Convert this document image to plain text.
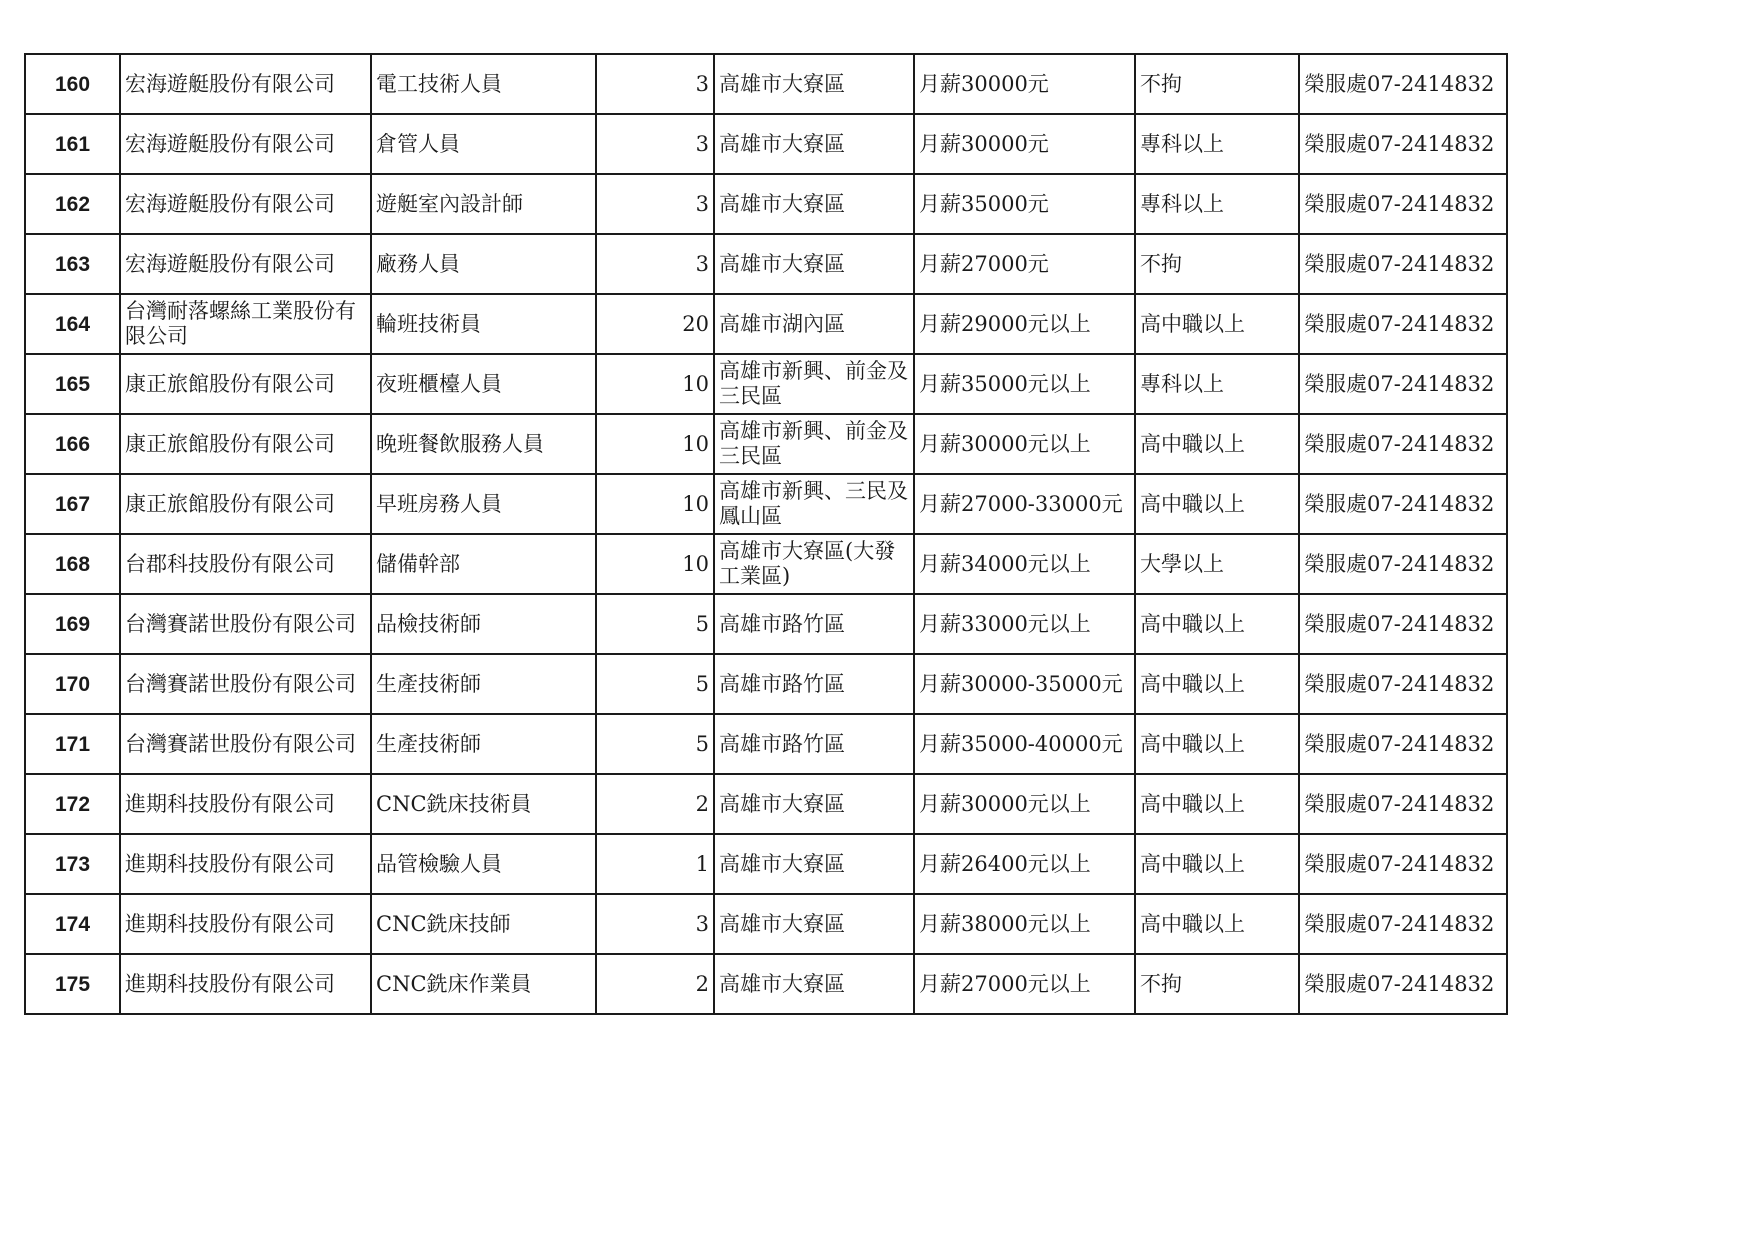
160	宏海遊艇股份有限公司	電工技術人員	3	高雄市大寮區	月薪30000元	不拘	榮服處07-2414832
161	宏海遊艇股份有限公司	倉管人員	3	高雄市大寮區	月薪30000元	專科以上	榮服處07-2414832
162	宏海遊艇股份有限公司	遊艇室內設計師	3	高雄市大寮區	月薪35000元	專科以上	榮服處07-2414832
163	宏海遊艇股份有限公司	廠務人員	3	高雄市大寮區	月薪27000元	不拘	榮服處07-2414832
164	台灣耐落螺絲工業股份有限公司	輪班技術員	20	高雄市湖內區	月薪29000元以上	高中職以上	榮服處07-2414832
165	康正旅館股份有限公司	夜班櫃檯人員	10	高雄市新興、前金及三民區	月薪35000元以上	專科以上	榮服處07-2414832
166	康正旅館股份有限公司	晚班餐飲服務人員	10	高雄市新興、前金及三民區	月薪30000元以上	高中職以上	榮服處07-2414832
167	康正旅館股份有限公司	早班房務人員	10	高雄市新興、三民及鳳山區	月薪27000-33000元	高中職以上	榮服處07-2414832
168	台郡科技股份有限公司	儲備幹部	10	高雄市大寮區(大發工業區)	月薪34000元以上	大學以上	榮服處07-2414832
169	台灣賽諾世股份有限公司	品檢技術師	5	高雄市路竹區	月薪33000元以上	高中職以上	榮服處07-2414832
170	台灣賽諾世股份有限公司	生產技術師	5	高雄市路竹區	月薪30000-35000元	高中職以上	榮服處07-2414832
171	台灣賽諾世股份有限公司	生產技術師	5	高雄市路竹區	月薪35000-40000元	高中職以上	榮服處07-2414832
172	進期科技股份有限公司	CNC銑床技術員	2	高雄市大寮區	月薪30000元以上	高中職以上	榮服處07-2414832
173	進期科技股份有限公司	品管檢驗人員	1	高雄市大寮區	月薪26400元以上	高中職以上	榮服處07-2414832
174	進期科技股份有限公司	CNC銑床技師	3	高雄市大寮區	月薪38000元以上	高中職以上	榮服處07-2414832
175	進期科技股份有限公司	CNC銑床作業員	2	高雄市大寮區	月薪27000元以上	不拘	榮服處07-2414832
